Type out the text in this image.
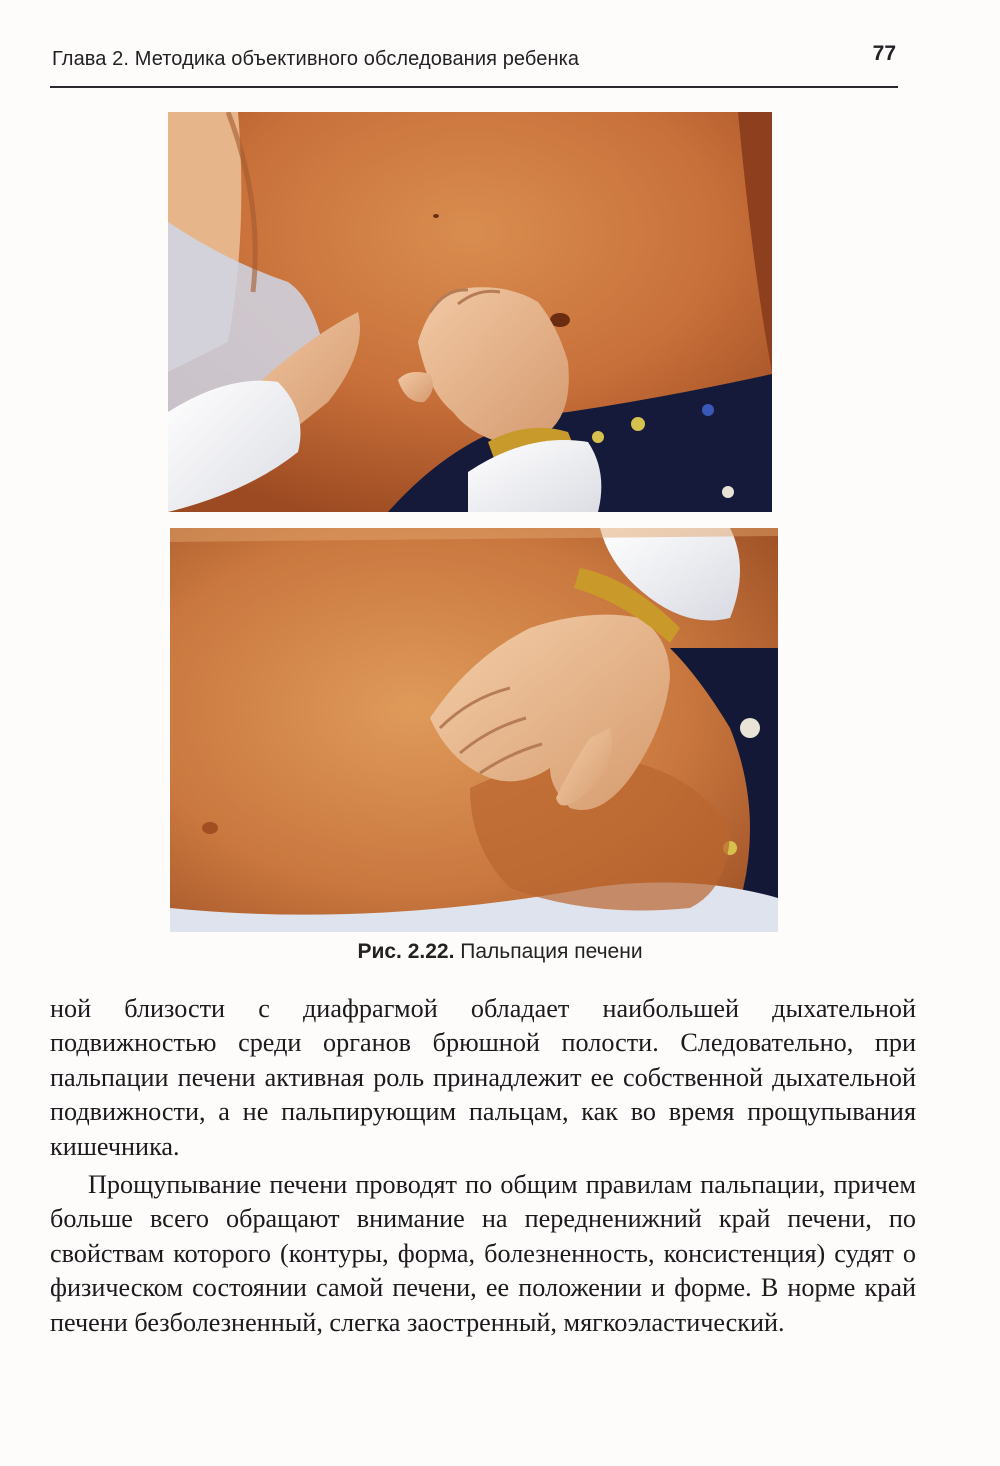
Глава 2. Методика объективного обследования ребенка	77
Рис. 2.22. Пальпация печени

ной близости с диафрагмой обладает наибольшей дыхательной подвижностью среди органов брюшной полости. Следовательно, при пальпации печени активная роль принадлежит ее собственной дыхательной подвижности, а не пальпирующим пальцам, как во время прощупывания кишечника.

Прощупывание печени проводят по общим правилам пальпации, причем больше всего обращают внимание на передненижний край печени, по свойствам которого (контуры, форма, болезненность, консистенция) судят о физическом состоянии самой печени, ее положении и форме. В норме край печени безболезненный, слегка заостренный, мягкоэластический.
